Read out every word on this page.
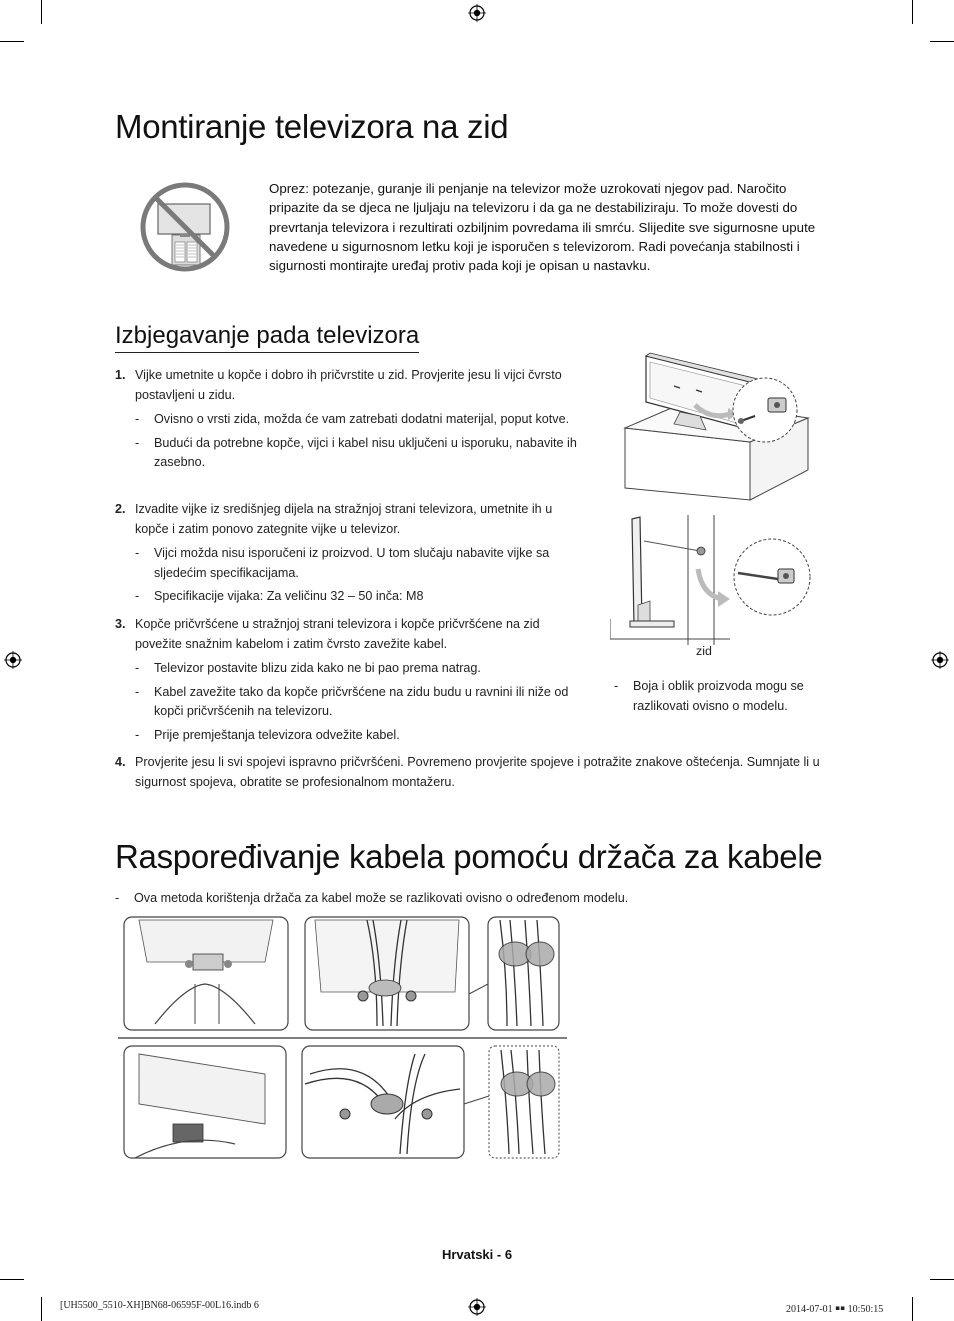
Montiranje televizora na zid
Oprez: potezanje, guranje ili penjanje na televizor može uzrokovati njegov pad. Naročito pripazite da se djeca ne ljuljaju na televizoru i da ga ne destabiliziraju. To može dovesti do prevrtanja televizora i rezultirati ozbiljnim povredama ili smrću. Slijedite sve sigurnosne upute navedene u sigurnosnom letku koji je isporučen s televizorom. Radi povećanja stabilnosti i sigurnosti montirajte uređaj protiv pada koji je opisan u nastavku.
Izbjegavanje pada televizora
1. Vijke umetnite u kopče i dobro ih pričvrstite u zid. Provjerite jesu li vijci čvrsto postavljeni u zidu.
- Ovisno o vrsti zida, možda će vam zatrebati dodatni materijal, poput kotve.
- Budući da potrebne kopče, vijci i kabel nisu uključeni u isporuku, nabavite ih zasebno.
2. Izvadite vijke iz središnjeg dijela na stražnjoj strani televizora, umetnite ih u kopče i zatim ponovo zategnite vijke u televizor.
- Vijci možda nisu isporučeni iz proizvod. U tom slučaju nabavite vijke sa sljedećim specifikacijama.
- Specifikacije vijaka: Za veličinu 32 – 50 inča: M8
3. Kopče pričvršćene u stražnjoj strani televizora i kopče pričvršćene na zid povežite snažnim kabelom i zatim čvrsto zavežite kabel.
- Televizor postavite blizu zida kako ne bi pao prema natrag.
- Kabel zavežite tako da kopče pričvršćene na zidu budu u ravnini ili niže od kopči pričvršćenih na televizoru.
- Prije premještanja televizora odvežite kabel.
4. Provjerite jesu li svi spojevi ispravno pričvršćeni. Povremeno provjerite spojeve i potražite znakove oštećenja. Sumnjate li u sigurnost spojeva, obratite se profesionalnom montažeru.
zid
- Boja i oblik proizvoda mogu se razlikovati ovisno o modelu.
Raspoređivanje kabela pomoću držača za kabele
- Ova metoda korištenja držača za kabel može se razlikovati ovisno o određenom modelu.
Hrvatski - 6
[UH5500_5510-XH]BN68-06595F-00L16.indb 6	2014-07-01 ￭￭ 10:50:15
